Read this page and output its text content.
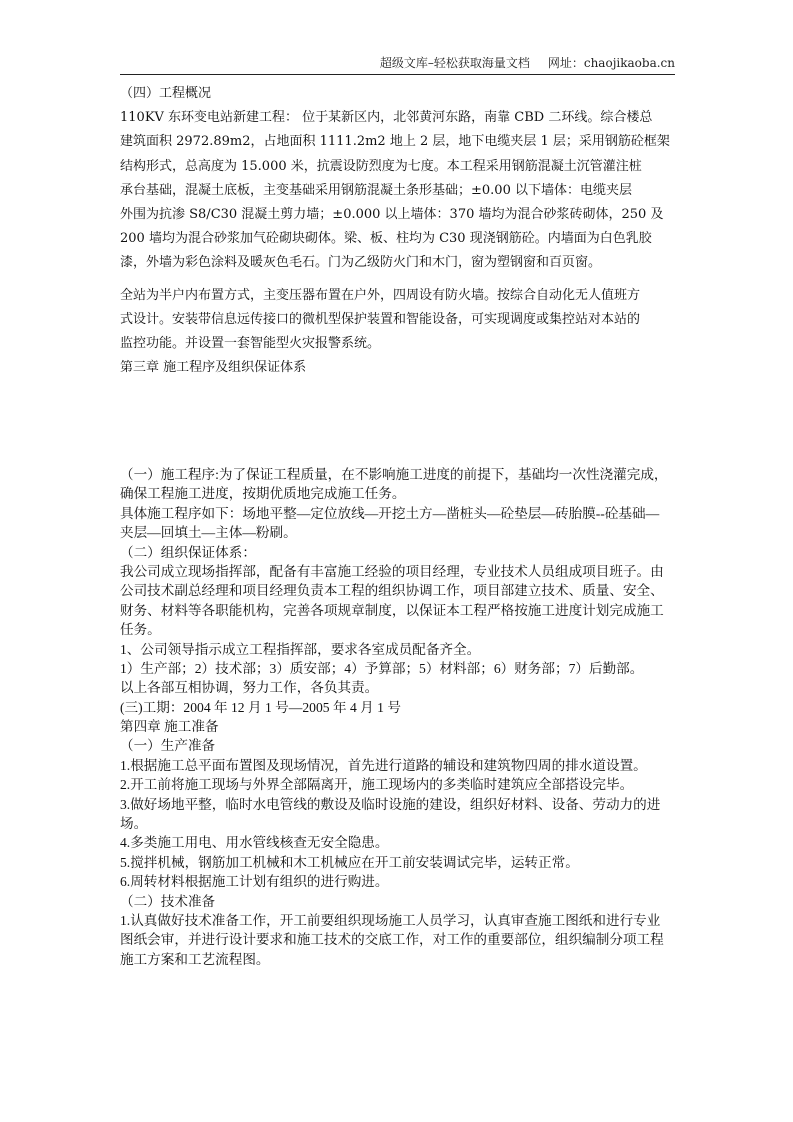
超级文库–轻松获取海量文档 网址：chaojikaoba.cn
（四）工程概况
110KV 东环变电站新建工程： 位于某新区内，北邻黄河东路，南靠 CBD 二环线。综合楼总
建筑面积 2972.89m2，占地面积 1111.2m2 地上 2 层，地下电缆夹层 1 层；采用钢筋砼框架
结构形式，总高度为 15.000 米，抗震设防烈度为七度。本工程采用钢筋混凝土沉管灌注桩
承台基础，混凝土底板，主变基础采用钢筋混凝土条形基础；±0.00 以下墙体：电缆夹层
外围为抗渗 S8/C30 混凝土剪力墙；±0.000 以上墙体：370 墙均为混合砂浆砖砌体，250 及
200 墙均为混合砂浆加气砼砌块砌体。梁、板、柱均为 C30 现浇钢筋砼。内墙面为白色乳胶
漆，外墙为彩色涂料及暖灰色毛石。门为乙级防火门和木门，窗为塑钢窗和百页窗。
全站为半户内布置方式，主变压器布置在户外，四周设有防火墙。按综合自动化无人值班方
式设计。安装带信息远传接口的微机型保护装置和智能设备，可实现调度或集控站对本站的
监控功能。并设置一套智能型火灾报警系统。
第三章 施工程序及组织保证体系
（一）施工程序:为了保证工程质量，在不影响施工进度的前提下，基础均一次性浇灌完成，
确保工程施工进度，按期优质地完成施工任务。
具体施工程序如下：场地平整—定位放线—开挖土方—凿桩头—砼垫层—砖胎膜--砼基础—
夹层—回填土—主体—粉刷。
（二）组织保证体系：
我公司成立现场指挥部，配备有丰富施工经验的项目经理，专业技术人员组成项目班子。由
公司技术副总经理和项目经理负责本工程的组织协调工作，项目部建立技术、质量、安全、
财务、材料等各职能机构，完善各项规章制度，以保证本工程严格按施工进度计划完成施工
任务。
1、公司领导指示成立工程指挥部，要求各室成员配备齐全。
1）生产部；2）技术部；3）质安部；4）予算部；5）材料部；6）财务部；7）后勤部。
以上各部互相协调，努力工作，各负其责。
(三)工期：2004 年 12 月 1 号—2005 年 4 月 1 号
第四章 施工准备
（一）生产准备
1.根据施工总平面布置图及现场情况，首先进行道路的辅设和建筑物四周的排水道设置。
2.开工前将施工现场与外界全部隔离开，施工现场内的多类临时建筑应全部搭设完毕。
3.做好场地平整，临时水电管线的敷设及临时设施的建设，组织好材料、设备、劳动力的进
场。
4.多类施工用电、用水管线核查无安全隐患。
5.搅拌机械，钢筋加工机械和木工机械应在开工前安装调试完毕，运转正常。
6.周转材料根据施工计划有组织的进行购进。
（二）技术准备
1.认真做好技术准备工作，开工前要组织现场施工人员学习，认真审查施工图纸和进行专业
图纸会审，并进行设计要求和施工技术的交底工作，对工作的重要部位，组织编制分项工程
施工方案和工艺流程图。
